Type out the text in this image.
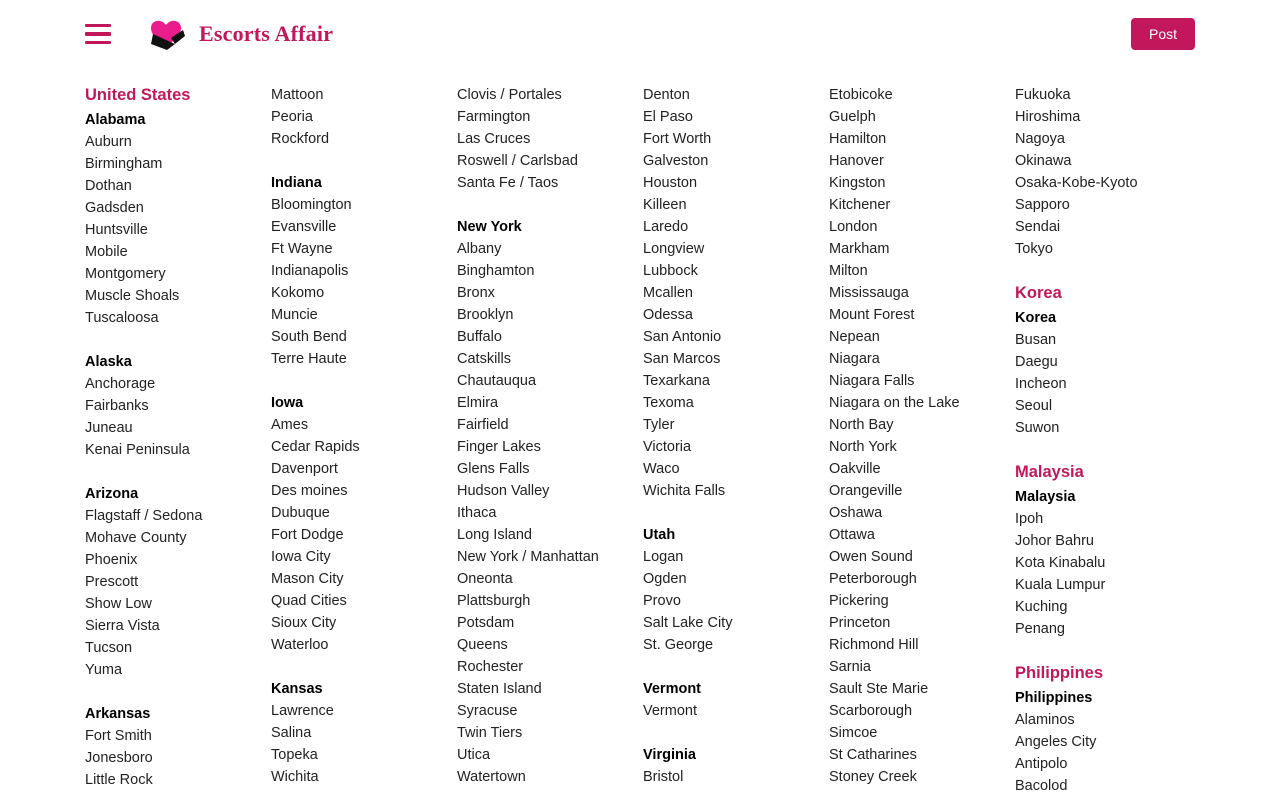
Escorts Affair	Post
United States
Alabama
Auburn
Birmingham
Dothan
Gadsden
Huntsville
Mobile
Montgomery
Muscle Shoals
Tuscaloosa
Alaska
Anchorage
Fairbanks
Juneau
Kenai Peninsula
Arizona
Flagstaff / Sedona
Mohave County
Phoenix
Prescott
Show Low
Sierra Vista
Tucson
Yuma
Arkansas
Fort Smith
Jonesboro
Little Rock
Mattoon
Peoria
Rockford
Indiana
Bloomington
Evansville
Ft Wayne
Indianapolis
Kokomo
Muncie
South Bend
Terre Haute
Iowa
Ames
Cedar Rapids
Davenport
Des moines
Dubuque
Fort Dodge
Iowa City
Mason City
Quad Cities
Sioux City
Waterloo
Kansas
Lawrence
Salina
Topeka
Wichita
Clovis / Portales
Farmington
Las Cruces
Roswell / Carlsbad
Santa Fe / Taos
New York
Albany
Binghamton
Bronx
Brooklyn
Buffalo
Catskills
Chautauqua
Elmira
Fairfield
Finger Lakes
Glens Falls
Hudson Valley
Ithaca
Long Island
New York / Manhattan
Oneonta
Plattsburgh
Potsdam
Queens
Rochester
Staten Island
Syracuse
Twin Tiers
Utica
Watertown
Denton
El Paso
Fort Worth
Galveston
Houston
Killeen
Laredo
Longview
Lubbock
Mcallen
Odessa
San Antonio
San Marcos
Texarkana
Texoma
Tyler
Victoria
Waco
Wichita Falls
Utah
Logan
Ogden
Provo
Salt Lake City
St. George
Vermont
Vermont
Virginia
Bristol
Etobicoke
Guelph
Hamilton
Hanover
Kingston
Kitchener
London
Markham
Milton
Mississauga
Mount Forest
Nepean
Niagara
Niagara Falls
Niagara on the Lake
North Bay
North York
Oakville
Orangeville
Oshawa
Ottawa
Owen Sound
Peterborough
Pickering
Princeton
Richmond Hill
Sarnia
Sault Ste Marie
Scarborough
Simcoe
St Catharines
Stoney Creek
Fukuoka
Hiroshima
Nagoya
Okinawa
Osaka-Kobe-Kyoto
Sapporo
Sendai
Tokyo
Korea
Korea
Busan
Daegu
Incheon
Seoul
Suwon
Malaysia
Malaysia
Ipoh
Johor Bahru
Kota Kinabalu
Kuala Lumpur
Kuching
Penang
Philippines
Philippines
Alaminos
Angeles City
Antipolo
Bacolod
